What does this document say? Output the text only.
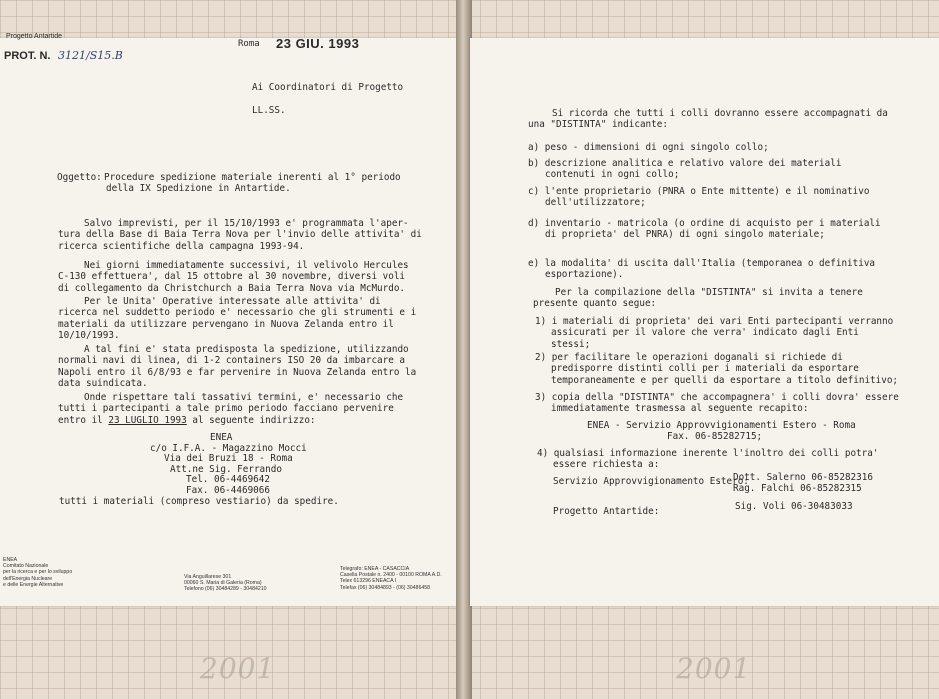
Progetto Antartide
PROT. N. 3121/S15.B
Roma 23 GIU. 1993
Ai Coordinatori di Progetto
LL.SS.
Oggetto: Procedure spedizione materiale inerenti al 1° periodo
della IX Spedizione in Antartide.
Salvo imprevisti, per il 15/10/1993 e' programmata l'aper-
tura della Base di Baia Terra Nova per l'invio delle attivita' di
ricerca scientifiche della campagna 1993-94.
Nei giorni immediatamente successivi, il velivolo Hercules
C-130 effettuera', dal 15 ottobre al 30 novembre, diversi voli
di collegamento da Christchurch a Baia Terra Nova via McMurdo.
Per le Unita' Operative interessate alle attivita' di
ricerca nel suddetto periodo e' necessario che gli strumenti e i
materiali da utilizzare pervengano in Nuova Zelanda entro il
10/10/1993.
A tal fini e' stata predisposta la spedizione, utilizzando
normali navi di linea, di 1-2 containers ISO 20 da imbarcare a
Napoli entro il 6/8/93 e far pervenire in Nuova Zelanda entro la
data suindicata.
Onde rispettare tali tassativi termini, e' necessario che
tutti i partecipanti a tale primo periodo facciano pervenire
entro il 23 LUGLIO 1993 al seguente indirizzo:
ENEA
c/o I.F.A. - Magazzino Mocci
Via dei Bruzi 18 - Roma
Att.ne Sig. Ferrando
Tel. 06-4469642
Fax. 06-4469066
tutti i materiali (compreso vestiario) da spedire.
ENEA
Comitato Nazionale
per la ricerca e per lo sviluppo
dell'Energia Nucleare
e delle Energie Alternative
Via Anguillarese 301
00060 S. Maria di Galeria (Roma)
Telefono (06) 30484289 - 30484210
Telegrafo: ENEA - CASACCIA
Casella Postale n. 2400 - 00100 ROMA A.D.
Telex 613296 ENEACA I
Telefax (06) 30484893 - (06) 30486458
2001
Si ricorda che tutti i colli dovranno essere accompagnati da
una "DISTINTA" indicante:
a) peso - dimensioni di ogni singolo collo;
b) descrizione analitica e relativo valore dei materiali
contenuti in ogni collo;
c) l'ente proprietario (PNRA o Ente mittente) e il nominativo
dell'utilizzatore;
d) inventario - matricola (o ordine di acquisto per i materiali
di proprieta' del PNRA) di ogni singolo materiale;
e) la modalita' di uscita dall'Italia (temporanea o definitiva
esportazione).
Per la compilazione della "DISTINTA" si invita a tenere
presente quanto segue:
1) i materiali di proprieta' dei vari Enti partecipanti verranno
assicurati per il valore che verra' indicato dagli Enti
stessi;
2) per facilitare le operazioni doganali si richiede di
predisporre distinti colli per i materiali da esportare
temporaneamente e per quelli da esportare a titolo definitivo;
3) copia della "DISTINTA" che accompagnera' i colli dovra' essere
immediatamente trasmessa al seguente recapito:
ENEA - Servizio Approvvigionamenti Estero - Roma
Fax. 06-85282715;
4) qualsiasi informazione inerente l'inoltro dei colli potra'
essere richiesta a:
Servizio Approvvigionamento Estero:
Dott. Salerno 06-85282316
Rag. Falchi 06-85282315
Progetto Antartide:	Sig. Voli 06-30483033
2001
